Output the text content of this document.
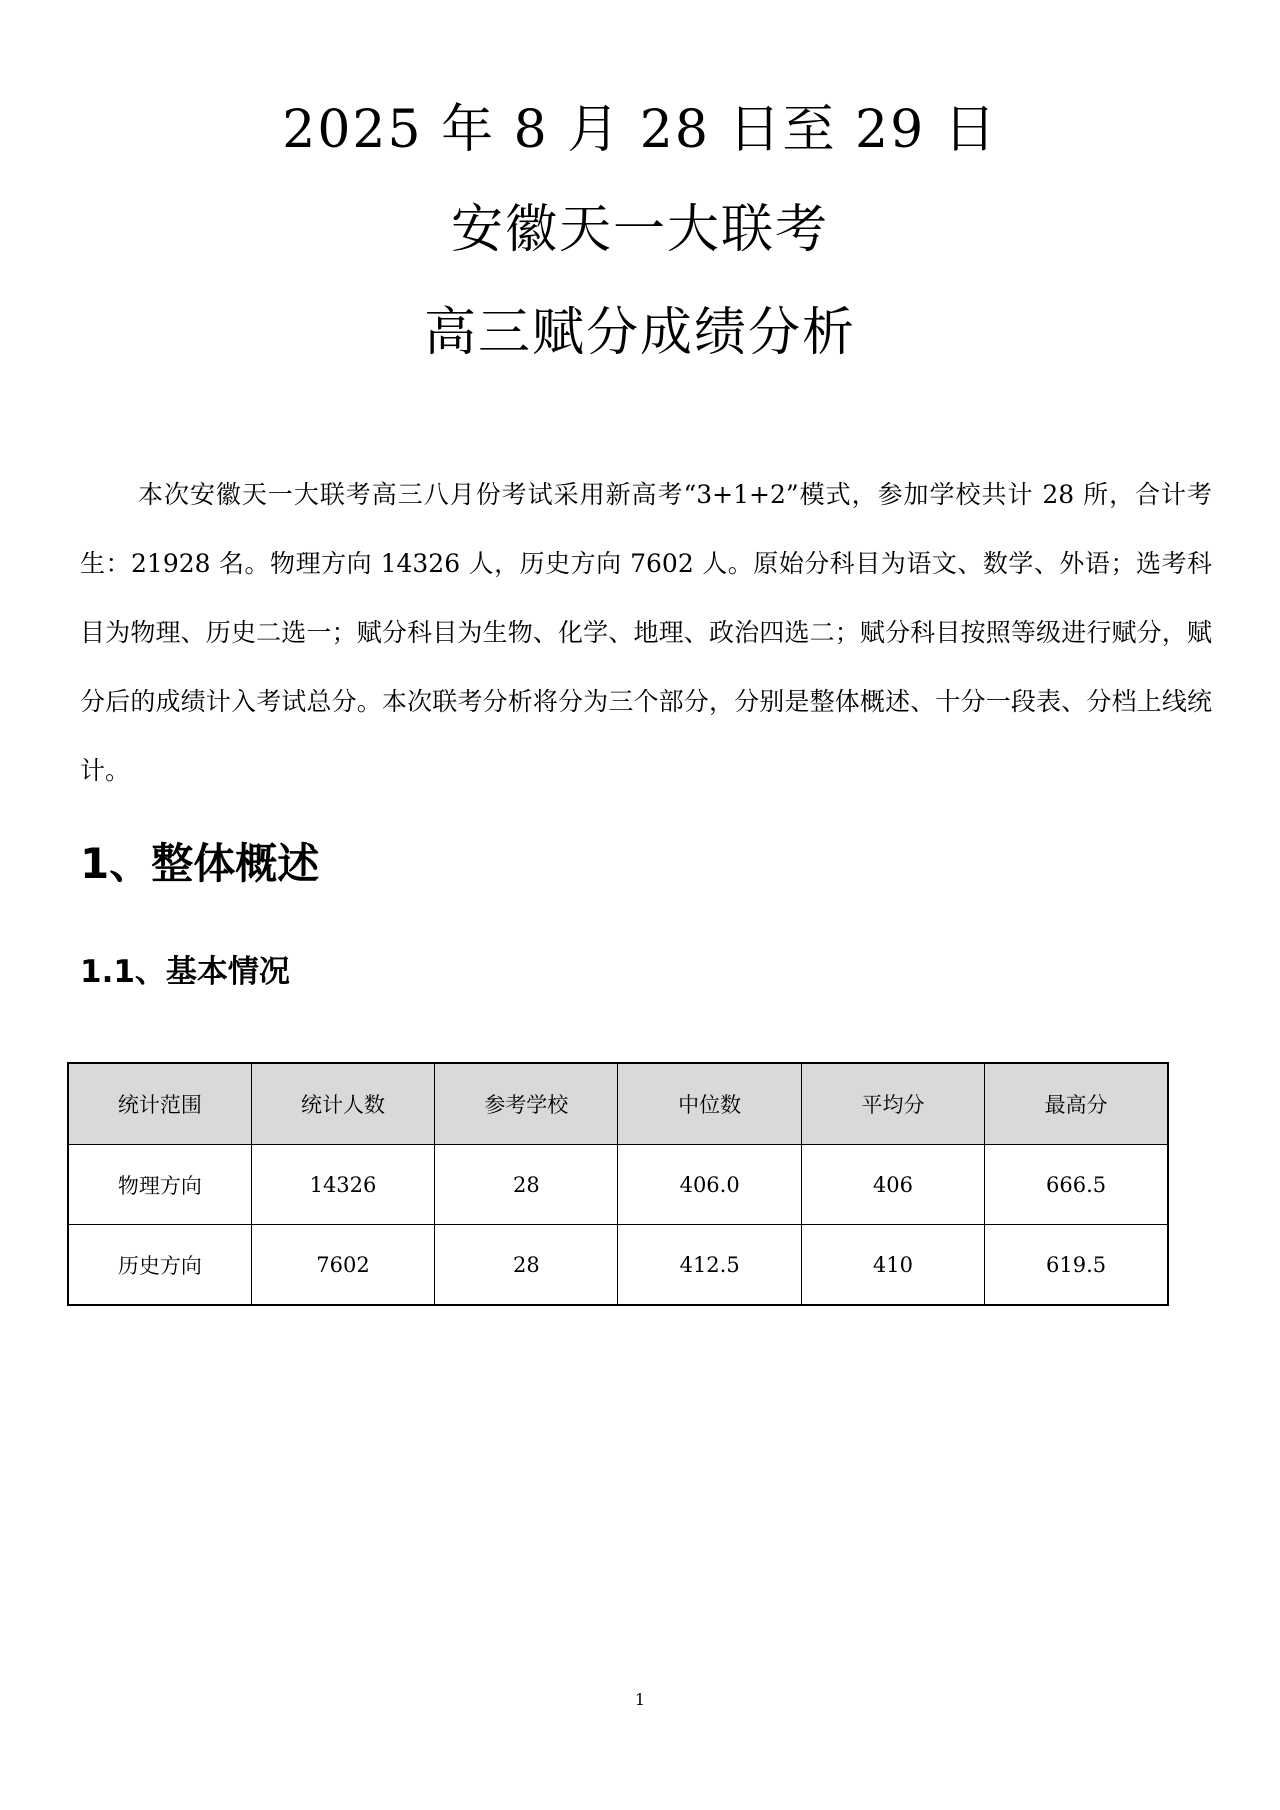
2025 年 8 月 28 日至 29 日
安徽天一大联考
高三赋分成绩分析

本次安徽天一大联考高三八月份考试采用新高考“3+1+2”模式，参加学校共计 28 所，合计考生：21928 名。物理方向 14326 人，历史方向 7602 人。原始分科目为语文、数学、外语；选考科目为物理、历史二选一；赋分科目为生物、化学、地理、政治四选二；赋分科目按照等级进行赋分，赋分后的成绩计入考试总分。本次联考分析将分为三个部分，分别是整体概述、十分一段表、分档上线统计。

1、整体概述
1.1、基本情况
统计范围	统计人数	参考学校	中位数	平均分	最高分
物理方向	14326	28	406.0	406	666.5
历史方向	7602	28	412.5	410	619.5
1
